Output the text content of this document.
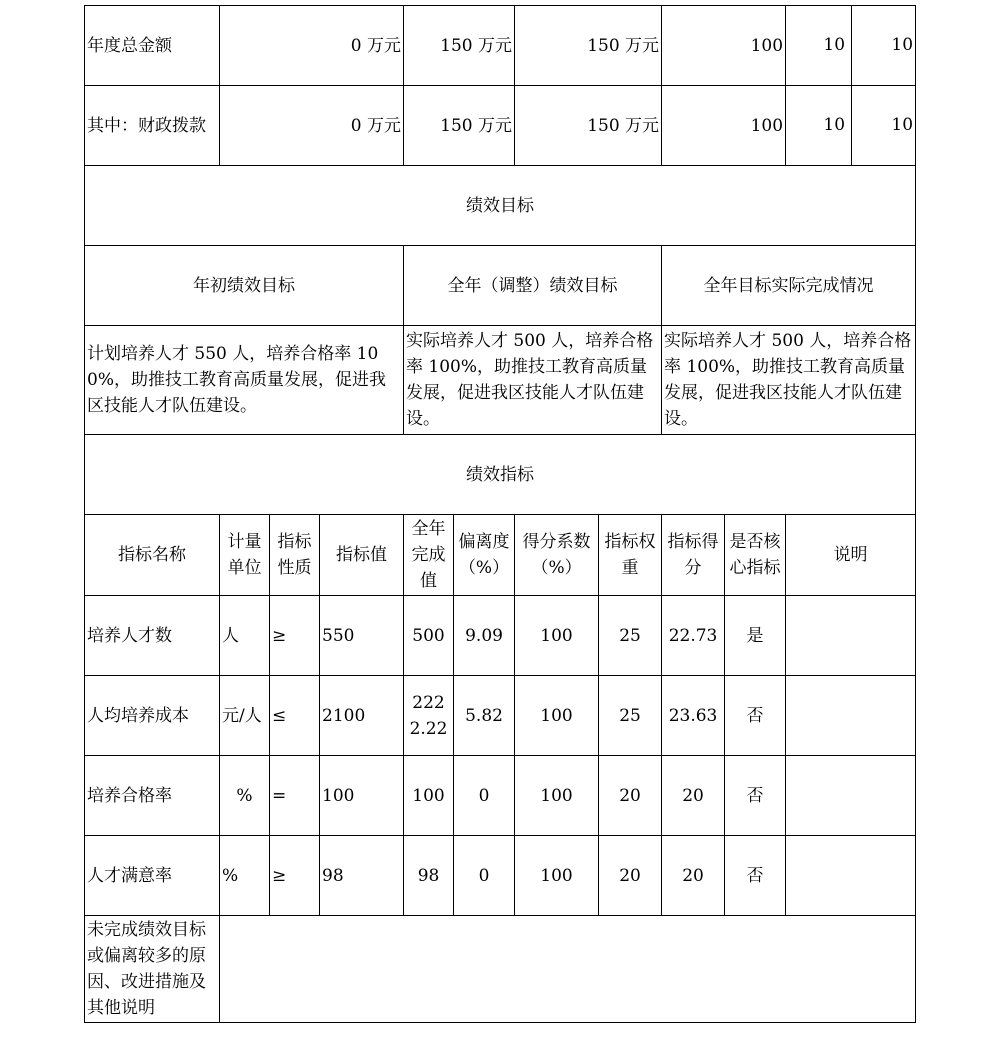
年度总金额	0 万元			150 万元		150 万元		100		10 10

其中：财政拨款	0 万元			150 万元		150 万元		100		10 10

绩效目标										
年初绩效目标				全年（调整）绩效目标				全年目标实际完成情况		
计划培养人才 550 人，培养合格率 100%，助推技工教育高质量发展，促进我区技能人才队伍建设。				实际培养人才 500 人，培养合格率 100%，助推技工教育高质量发展，促进我区技能人才队伍建设。				实际培养人才 500 人，培养合格率 100%，助推技工教育高质量发展，促进我区技能人才队伍建设。		
绩效指标										
指标名称	计量单位	指标性质	指标值	全年完成值	偏离度（%）	得分系数（%）	指标权重	指标得分	是否核心指标	说明
培养人才数	人	≥	550	500	9.09	100	25	22.73	是	
人均培养成本	元/人	≤	2100	2222.22	5.82	100	25	23.63	否	
培养合格率	%	=	100	100	0	100	20	20	否	
人才满意率	%	≥	98	98	0	100	20	20	否	
未完成绩效目标或偏离较多的原因、改进措施及其他说明										
